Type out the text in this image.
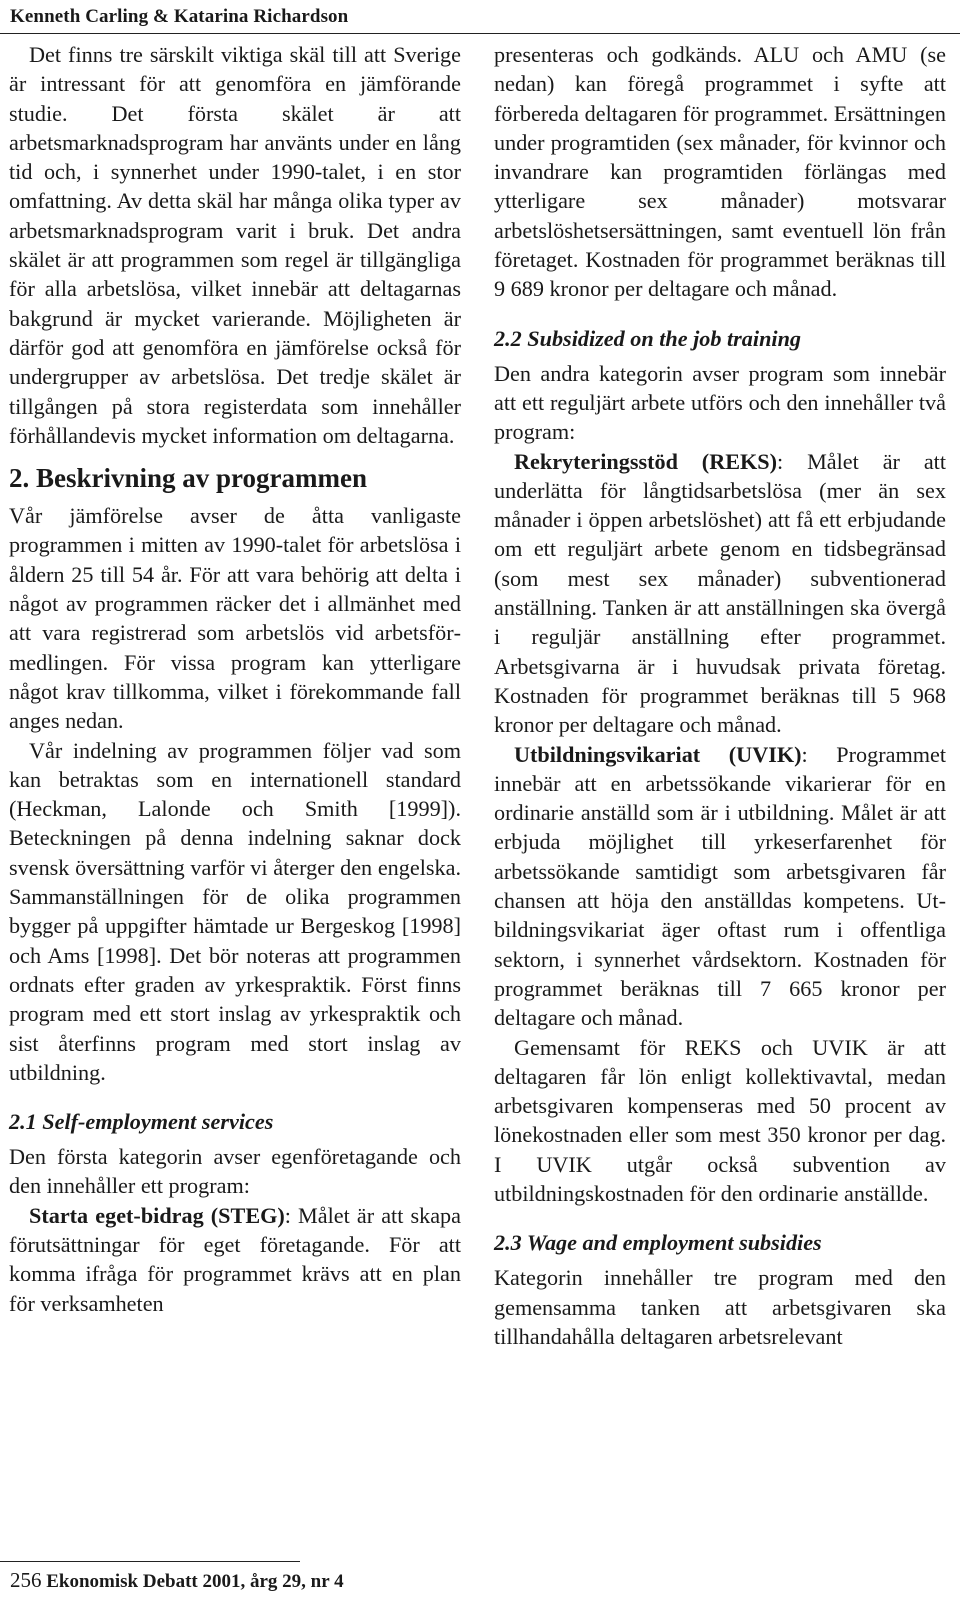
Kenneth Carling & Katarina Richardson

Det finns tre särskilt viktiga skäl till att Sverige är intressant för att genomföra en jämförande studie. Det första skälet är att arbetsmarknadsprogram har använts under en lång tid och, i synnerhet under 1990-talet, i en stor omfattning. Av detta skäl har många olika typer av arbetsmarknadsprogram varit i bruk. Det andra skälet är att programmen som regel är tillgängliga för alla arbetslösa, vilket innebär att deltagarnas bakgrund är mycket varierande. Möjligheten är därför god att genomföra en jämförelse också för undergrupper av arbetslösa. Det tredje skälet är tillgången på stora registerdata som innehåller förhållandevis mycket information om deltagarna.

2. Beskrivning av programmen

Vår jämförelse avser de åtta vanligaste programmen i mitten av 1990-talet för arbetslösa i åldern 25 till 54 år. För att vara behörig att delta i något av programmen räcker det i allmänhet med att vara registrerad som arbetslös vid arbetsförmedlingen. För vissa program kan ytterligare något krav tillkomma, vilket i förekommande fall anges nedan.

Vår indelning av programmen följer vad som kan betraktas som en internationell standard (Heckman, Lalonde och Smith [1999]). Beteckningen på denna indelning saknar dock svensk översättning varför vi återger den engelska. Sammanställningen för de olika programmen bygger på uppgifter hämtade ur Bergeskog [1998] och Ams [1998]. Det bör noteras att programmen ordnats efter graden av yrkespraktik. Först finns program med ett stort inslag av yrkespraktik och sist återfinns program med stort inslag av utbildning.

2.1 Self-employment services

Den första kategorin avser egenföretagande och den innehåller ett program:

Starta eget-bidrag (STEG): Målet är att skapa förutsättningar för eget företagande. För att komma ifråga för programmet krävs att en plan för verksamheten

presenteras och godkänds. ALU och AMU (se nedan) kan föregå programmet i syfte att förbereda deltagaren för programmet. Ersättningen under programtiden (sex månader, för kvinnor och invandrare kan programtiden förlängas med ytterligare sex månader) motsvarar arbetslöshetsersättningen, samt eventuell lön från företaget. Kostnaden för programmet beräknas till 9 689 kronor per deltagare och månad.

2.2 Subsidized on the job training

Den andra kategorin avser program som innebär att ett reguljärt arbete utförs och den innehåller två program:

Rekryteringsstöd (REKS): Målet är att underlätta för långtidsarbetslösa (mer än sex månader i öppen arbetslöshet) att få ett erbjudande om ett reguljärt arbete genom en tidsbegränsad (som mest sex månader) subventionerad anställning. Tanken är att anställningen ska övergå i reguljär anställning efter programmet. Arbetsgivarna är i huvudsak privata företag. Kostnaden för programmet beräknas till 5 968 kronor per deltagare och månad.

Utbildningsvikariat (UVIK): Programmet innebär att en arbetssökande vikarierar för en ordinarie anställd som är i utbildning. Målet är att erbjuda möjlighet till yrkeserfarenhet för arbetssökande samtidigt som arbetsgivaren får chansen att höja den anställdas kompetens. Utbildningsvikariat äger oftast rum i offentliga sektorn, i synnerhet vårdsektorn. Kostnaden för programmet beräknas till 7 665 kronor per deltagare och månad.

Gemensamt för REKS och UVIK är att deltagaren får lön enligt kollektivavtal, medan arbetsgivaren kompenseras med 50 procent av lönekostnaden eller som mest 350 kronor per dag. I UVIK utgår också subvention av utbildningskostnaden för den ordinarie anställde.

2.3 Wage and employment subsidies

Kategorin innehåller tre program med den gemensamma tanken att arbetsgivaren ska tillhandahålla deltagaren arbetsrelevant

256 Ekonomisk Debatt 2001, årg 29, nr 4
